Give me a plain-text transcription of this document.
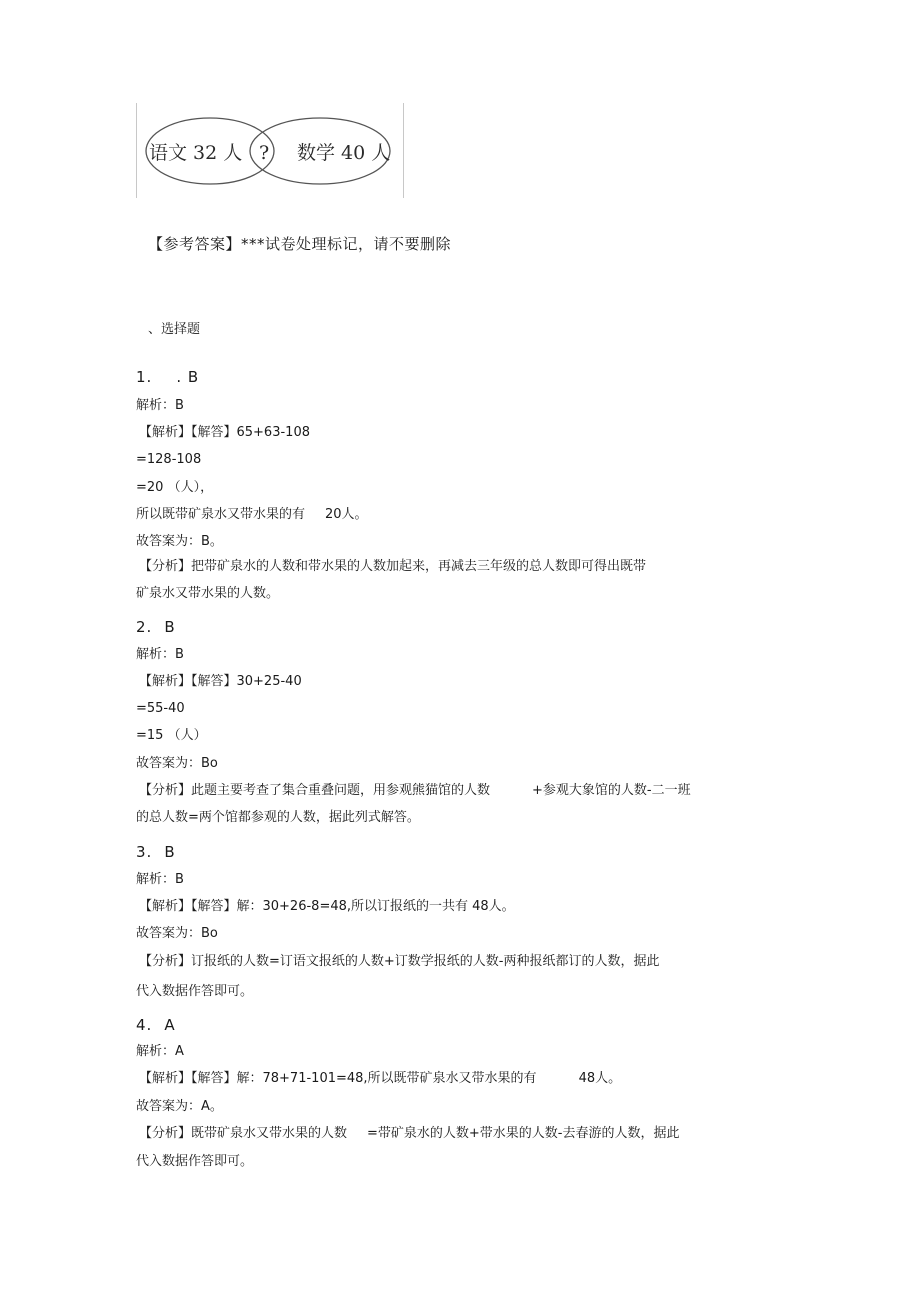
语文 32 人 ? 数学 40 人
【参考答案】***试卷处理标记，请不要删除
、选择题
1. . B
解析：B
【解析】【解答】65+63-108
=128-108
=20 （人），
所以既带矿泉水又带水果的有 20人。
故答案为：B。
【分析】把带矿泉水的人数和带水果的人数加起来，再减去三年级的总人数即可得出既带
矿泉水又带水果的人数。
2. B
解析：B
【解析】【解答】30+25-40
=55-40
=15 （人）
故答案为：Bo
【分析】此题主要考查了集合重叠问题，用参观熊猫馆的人数	+参观大象馆的人数-二一班
的总人数=两个馆都参观的人数，据此列式解答。
3. B
解析：B
【解析】【解答】解：30+26-8=48,所以订报纸的一共有 48人。
故答案为：Bo
【分析】订报纸的人数=订语文报纸的人数+订数学报纸的人数-两种报纸都订的人数，据此
代入数据作答即可。
4. A
解析：A
【解析】【解答】解：78+71-101=48,所以既带矿泉水又带水果的有	48人。
故答案为：A。
【分析】既带矿泉水又带水果的人数 =带矿泉水的人数+带水果的人数-去春游的人数，据此
代入数据作答即可。
